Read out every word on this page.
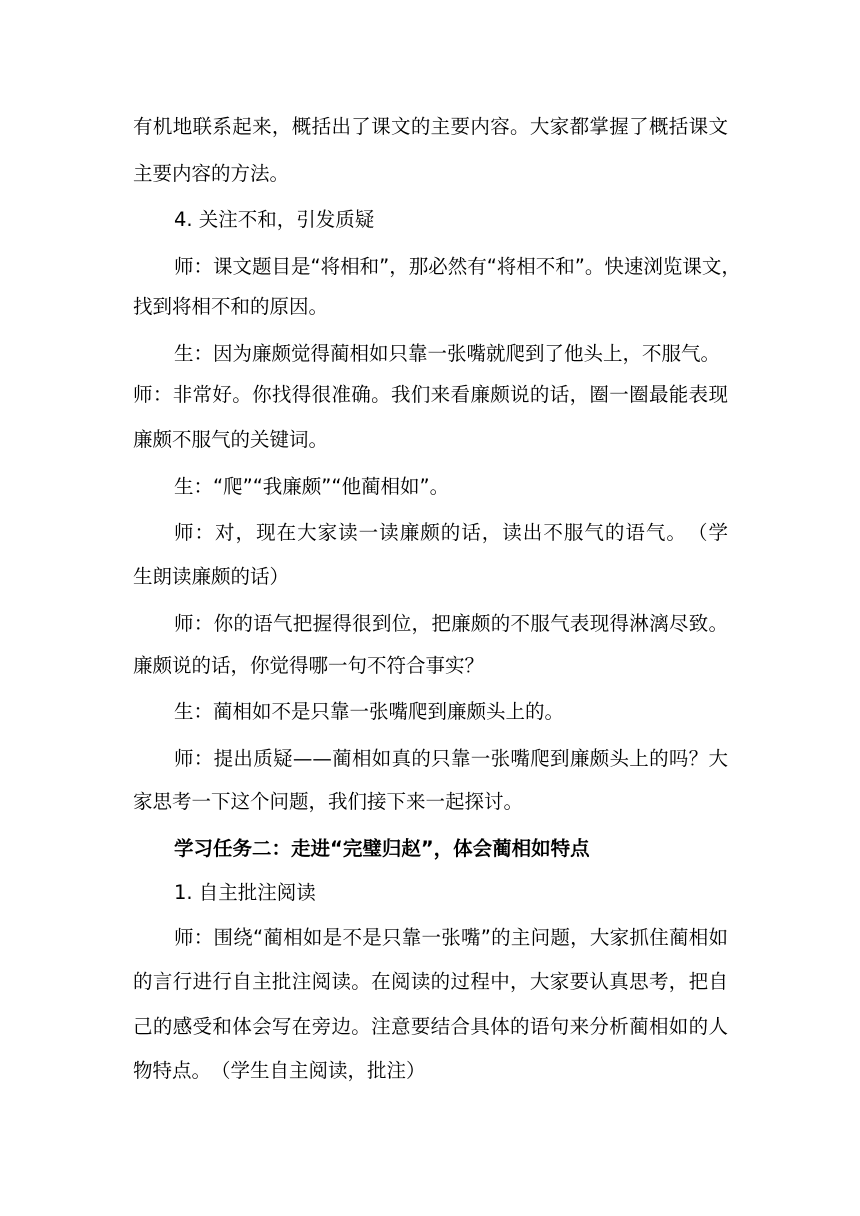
有机地联系起来，概括出了课文的主要内容。大家都掌握了概括课文
主要内容的方法。
4. 关注不和，引发质疑
师：课文题目是“将相和”，那必然有“将相不和”。快速浏览课文，
找到将相不和的原因。
生：因为廉颇觉得蔺相如只靠一张嘴就爬到了他头上，不服气。
师：非常好。你找得很准确。我们来看廉颇说的话，圈一圈最能表现
廉颇不服气的关键词。
生：“爬”“我廉颇”“他蔺相如”。
师：对，现在大家读一读廉颇的话，读出不服气的语气。　（学
生朗读廉颇的话）
师：你的语气把握得很到位，把廉颇的不服气表现得淋漓尽致。
廉颇说的话，你觉得哪一句不符合事实？
生：蔺相如不是只靠一张嘴爬到廉颇头上的。
师：提出质疑——蔺相如真的只靠一张嘴爬到廉颇头上的吗？大
家思考一下这个问题，我们接下来一起探讨。
学习任务二：走进“完璧归赵”，体会蔺相如特点
1. 自主批注阅读
师：围绕“蔺相如是不是只靠一张嘴”的主问题，大家抓住蔺相如
的言行进行自主批注阅读。在阅读的过程中，大家要认真思考，把自
己的感受和体会写在旁边。注意要结合具体的语句来分析蔺相如的人
物特点。　（学生自主阅读，批注）
